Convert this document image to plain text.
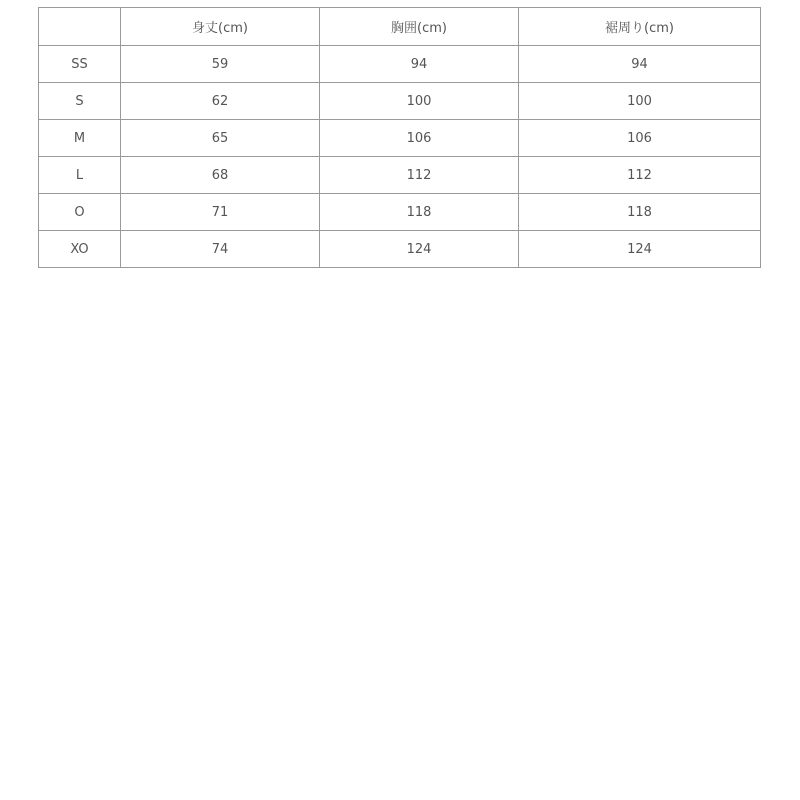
	身丈(cm)	胸囲(cm)	裾周り(cm)
SS	59	94	94
S	62	100	100
M	65	106	106
L	68	112	112
O	71	118	118
XO	74	124	124
